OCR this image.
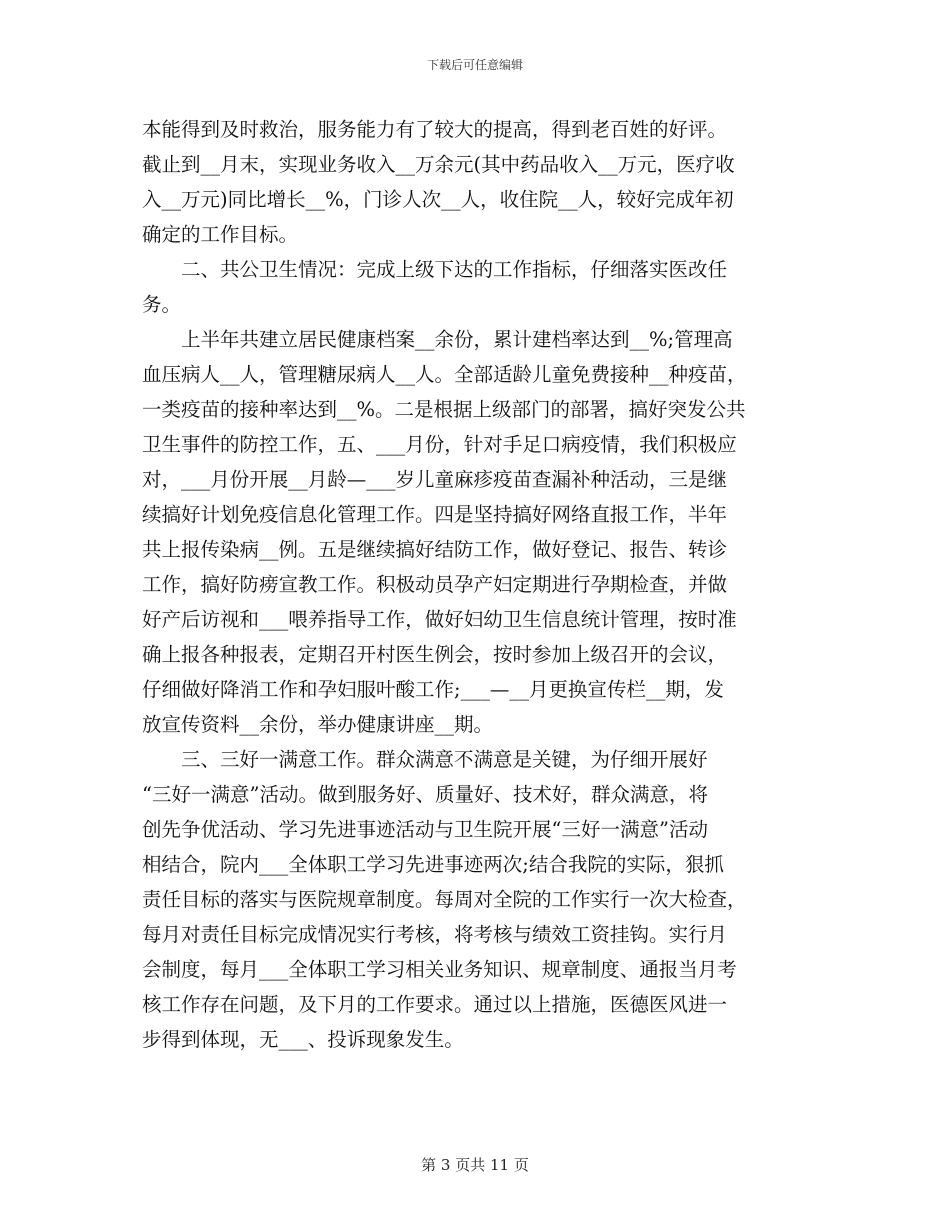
下载后可任意编辑
本能得到及时救治，服务能力有了较大的提高，得到老百姓的好评。
截止到__月末，实现业务收入__万余元(其中药品收入__万元，医疗收
入__万元)同比增长__%，门诊人次__人，收住院__人，较好完成年初
确定的工作目标。
　　二、共公卫生情况：完成上级下达的工作指标，仔细落实医改任
务。
　　上半年共建立居民健康档案__余份，累计建档率达到__%;管理高
血压病人__人，管理糖尿病人__人。全部适龄儿童免费接种__种疫苗，
一类疫苗的接种率达到__%。二是根据上级部门的部署，搞好突发公共
卫生事件的防控工作，五、___月份，针对手足口病疫情，我们积极应
对，___月份开展__月龄—___岁儿童麻疹疫苗查漏补种活动，三是继
续搞好计划免疫信息化管理工作。四是坚持搞好网络直报工作，半年
共上报传染病__例。五是继续搞好结防工作，做好登记、报告、转诊
工作，搞好防痨宣教工作。积极动员孕产妇定期进行孕期检查，并做
好产后访视和___喂养指导工作，做好妇幼卫生信息统计管理，按时准
确上报各种报表，定期召开村医生例会，按时参加上级召开的会议，
仔细做好降消工作和孕妇服叶酸工作;___—__月更换宣传栏__期，发
放宣传资料__余份，举办健康讲座__期。
　　三、三好一满意工作。群众满意不满意是关键，为仔细开展好
“三好一满意”活动。做到服务好、质量好、技术好，群众满意，将
创先争优活动、学习先进事迹活动与卫生院开展“三好一满意”活动
相结合，院内___全体职工学习先进事迹两次;结合我院的实际，狠抓
责任目标的落实与医院规章制度。每周对全院的工作实行一次大检查，
每月对责任目标完成情况实行考核，将考核与绩效工资挂钩。实行月
会制度，每月___全体职工学习相关业务知识、规章制度、通报当月考
核工作存在问题，及下月的工作要求。通过以上措施，医德医风进一
步得到体现，无___、投诉现象发生。
第 3 页共 11 页
